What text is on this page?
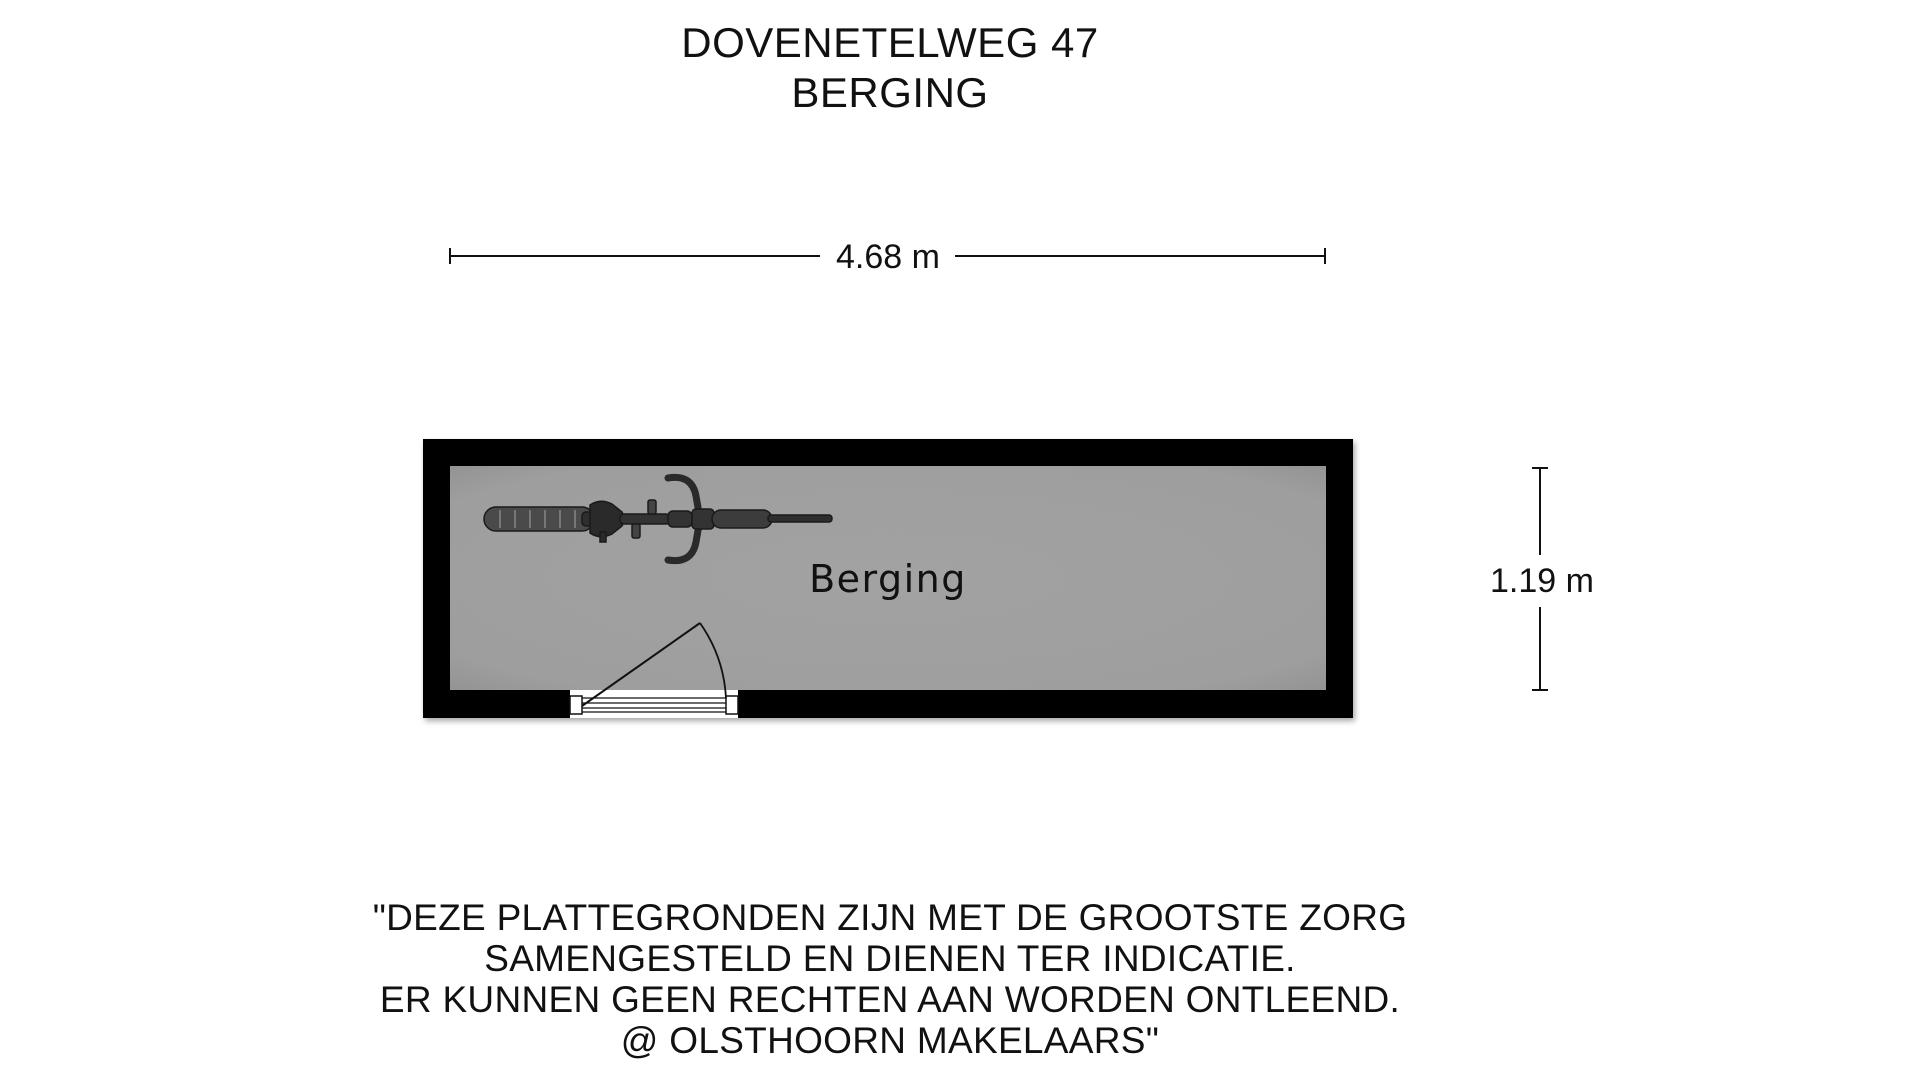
DOVENETELWEG 47
BERGING
4.68 m
1.19 m
Berging
"DEZE PLATTEGRONDEN ZIJN MET DE GROOTSTE ZORG
SAMENGESTELD EN DIENEN TER INDICATIE.
ER KUNNEN GEEN RECHTEN AAN WORDEN ONTLEEND.
@ OLSTHOORN MAKELAARS"
